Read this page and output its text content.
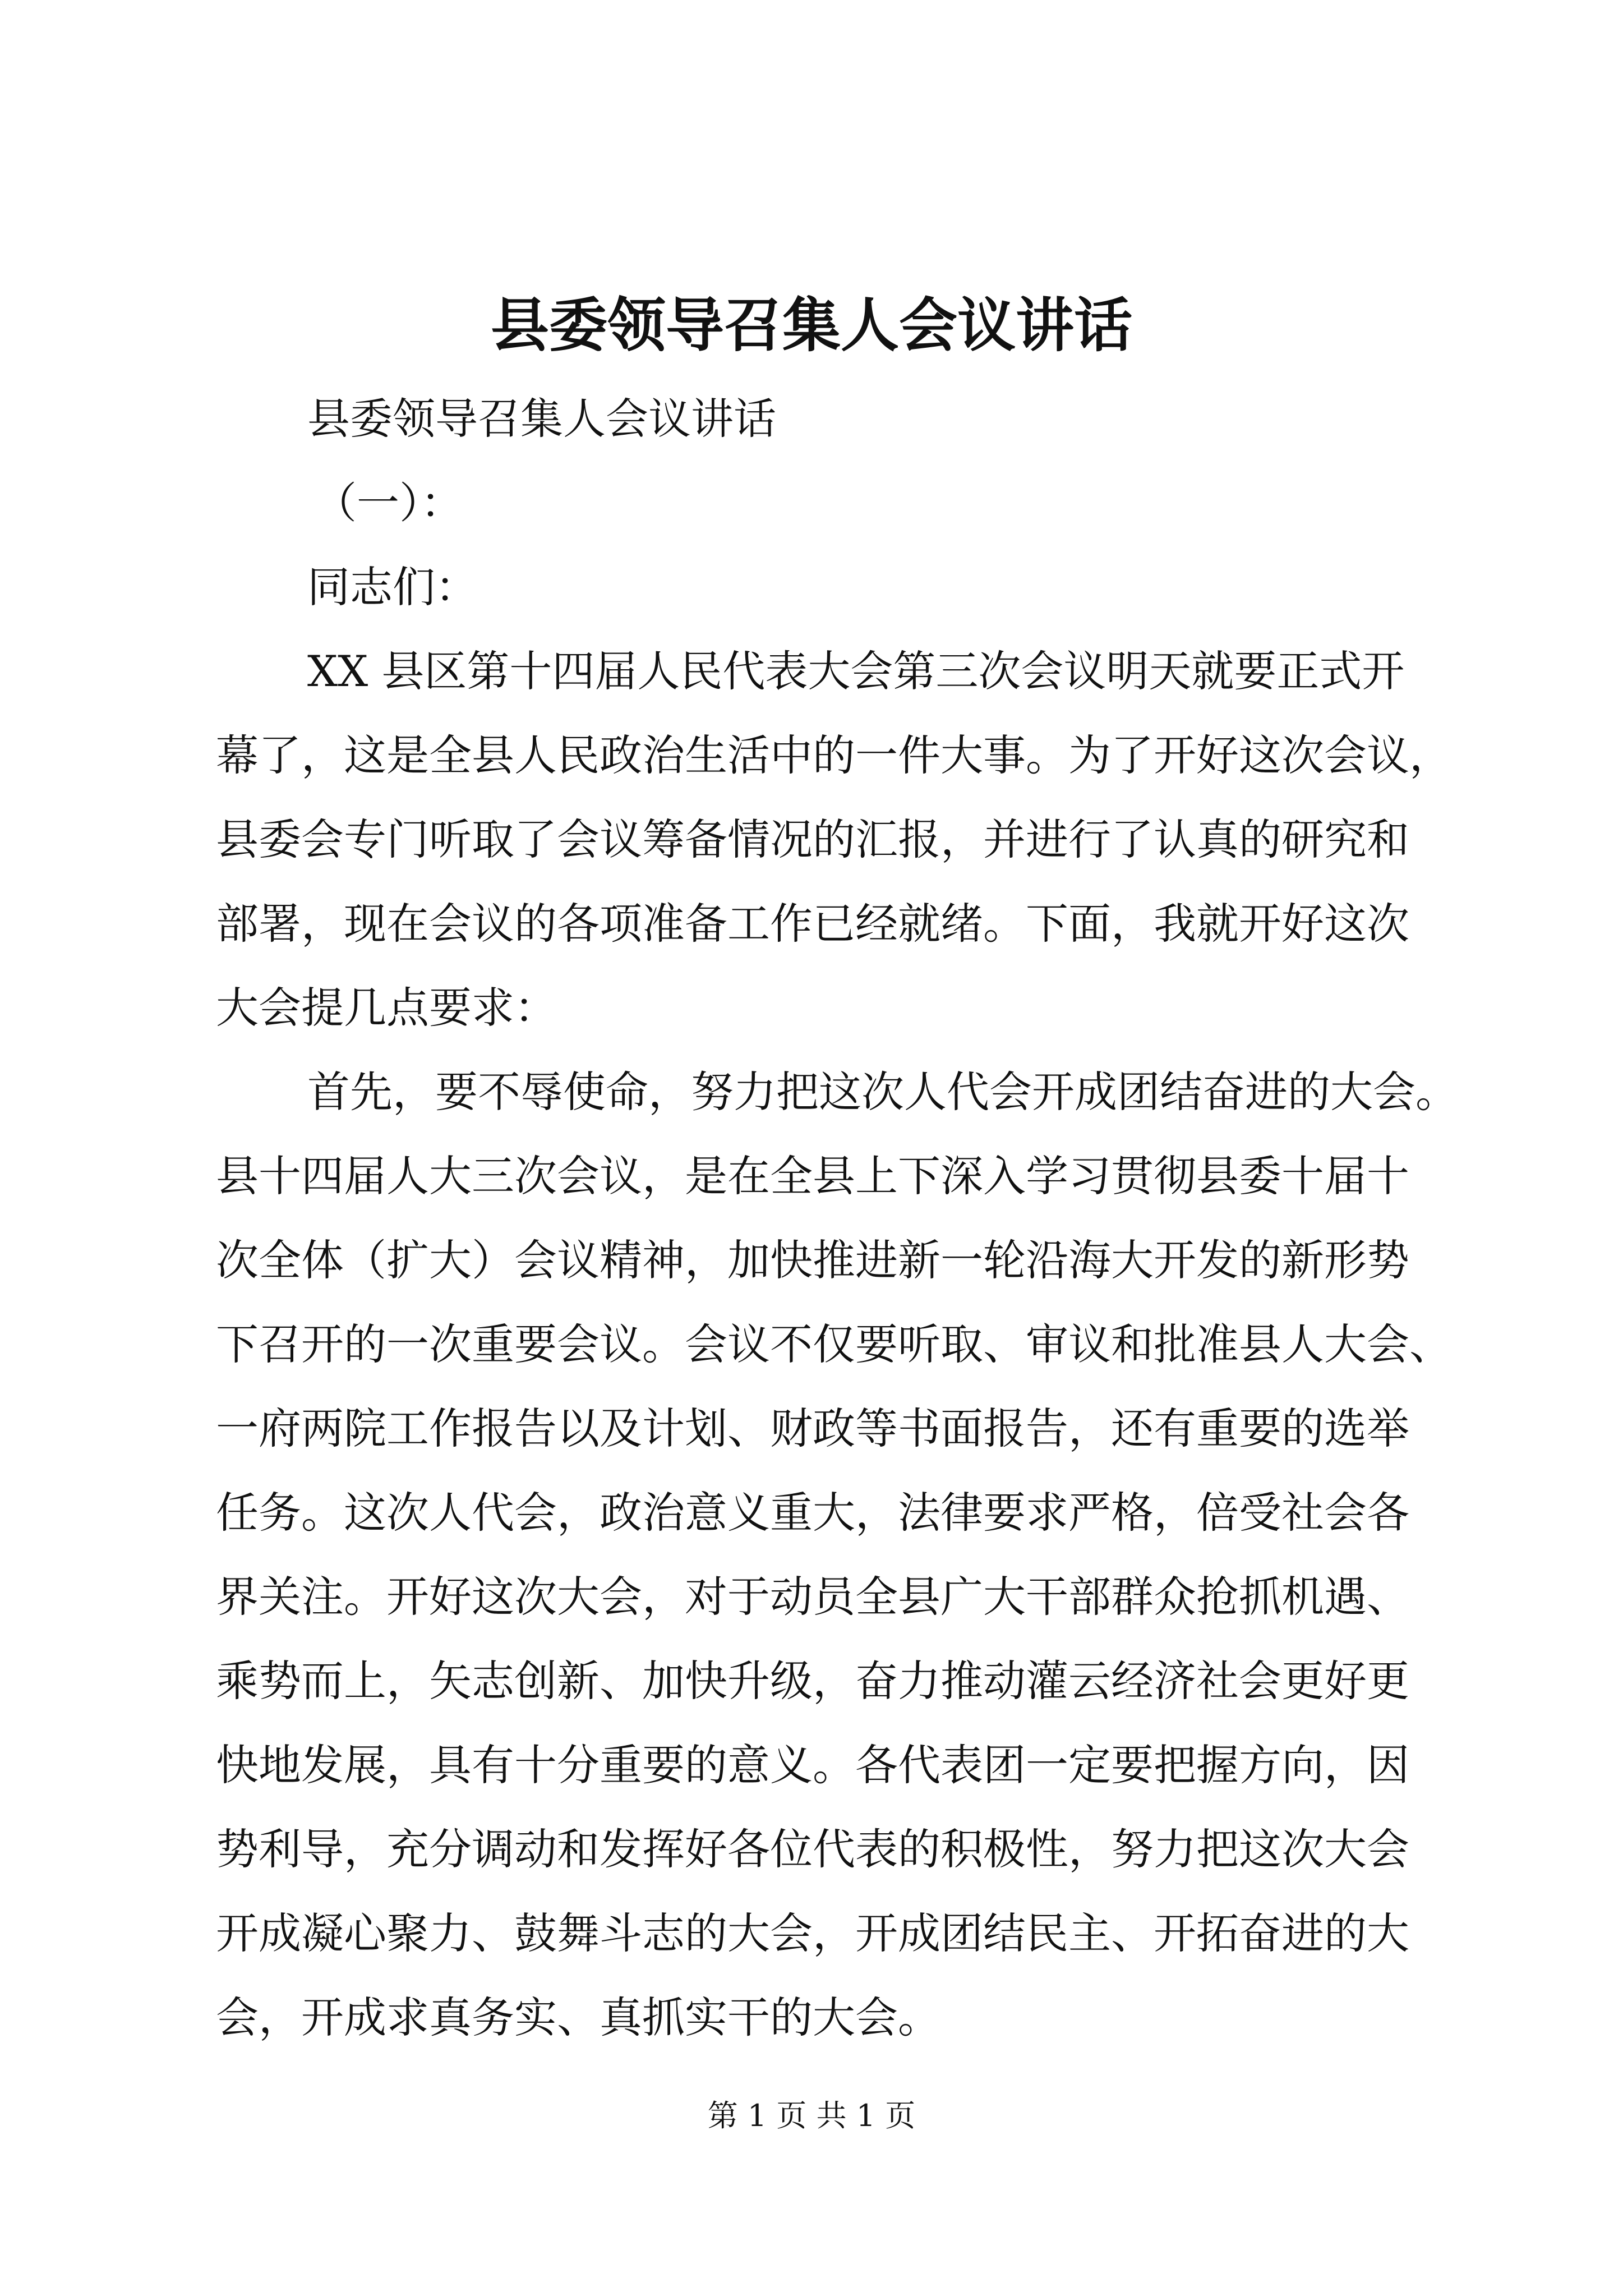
县委领导召集人会议讲话
县委领导召集人会议讲话
（一）：
同志们：
XX 县区第十四届人民代表大会第三次会议明天就要正式开
幕了，这是全县人民政治生活中的一件大事。为了开好这次会议，
县委会专门听取了会议筹备情况的汇报，并进行了认真的研究和
部署，现在会议的各项准备工作已经就绪。下面，我就开好这次
大会提几点要求：
首先，要不辱使命，努力把这次人代会开成团结奋进的大会。
县十四届人大三次会议，是在全县上下深入学习贯彻县委十届十
次全体（扩大）会议精神，加快推进新一轮沿海大开发的新形势
下召开的一次重要会议。会议不仅要听取、审议和批准县人大会、
一府两院工作报告以及计划、财政等书面报告，还有重要的选举
任务。这次人代会，政治意义重大，法律要求严格，倍受社会各
界关注。开好这次大会，对于动员全县广大干部群众抢抓机遇、
乘势而上，矢志创新、加快升级，奋力推动灌云经济社会更好更
快地发展，具有十分重要的意义。各代表团一定要把握方向，因
势利导，充分调动和发挥好各位代表的积极性，努力把这次大会
开成凝心聚力、鼓舞斗志的大会，开成团结民主、开拓奋进的大
会，开成求真务实、真抓实干的大会。
第 1 页 共 1 页
